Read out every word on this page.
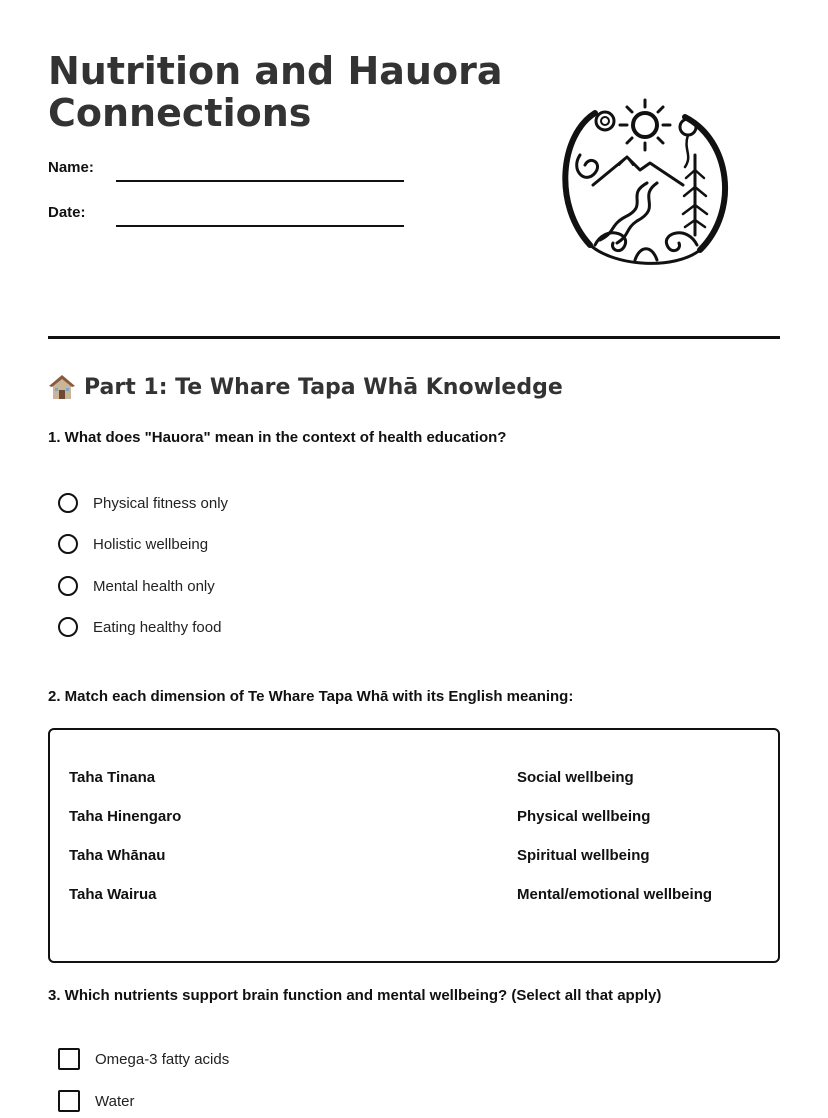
Nutrition and Hauora
Connections
Name:
Date:
Part 1: Te Whare Tapa Whā Knowledge

1. What does "Hauora" mean in the context of health education?

Physical fitness only
Holistic wellbeing
Mental health only
Eating healthy food

2. Match each dimension of Te Whare Tapa Whā with its English meaning:

Taha Tinana
Taha Hinengaro
Taha Whānau
Taha Wairua
Social wellbeing
Physical wellbeing
Spiritual wellbeing
Mental/emotional wellbeing

3. Which nutrients support brain function and mental wellbeing? (Select all that apply)

Omega-3 fatty acids
Water
